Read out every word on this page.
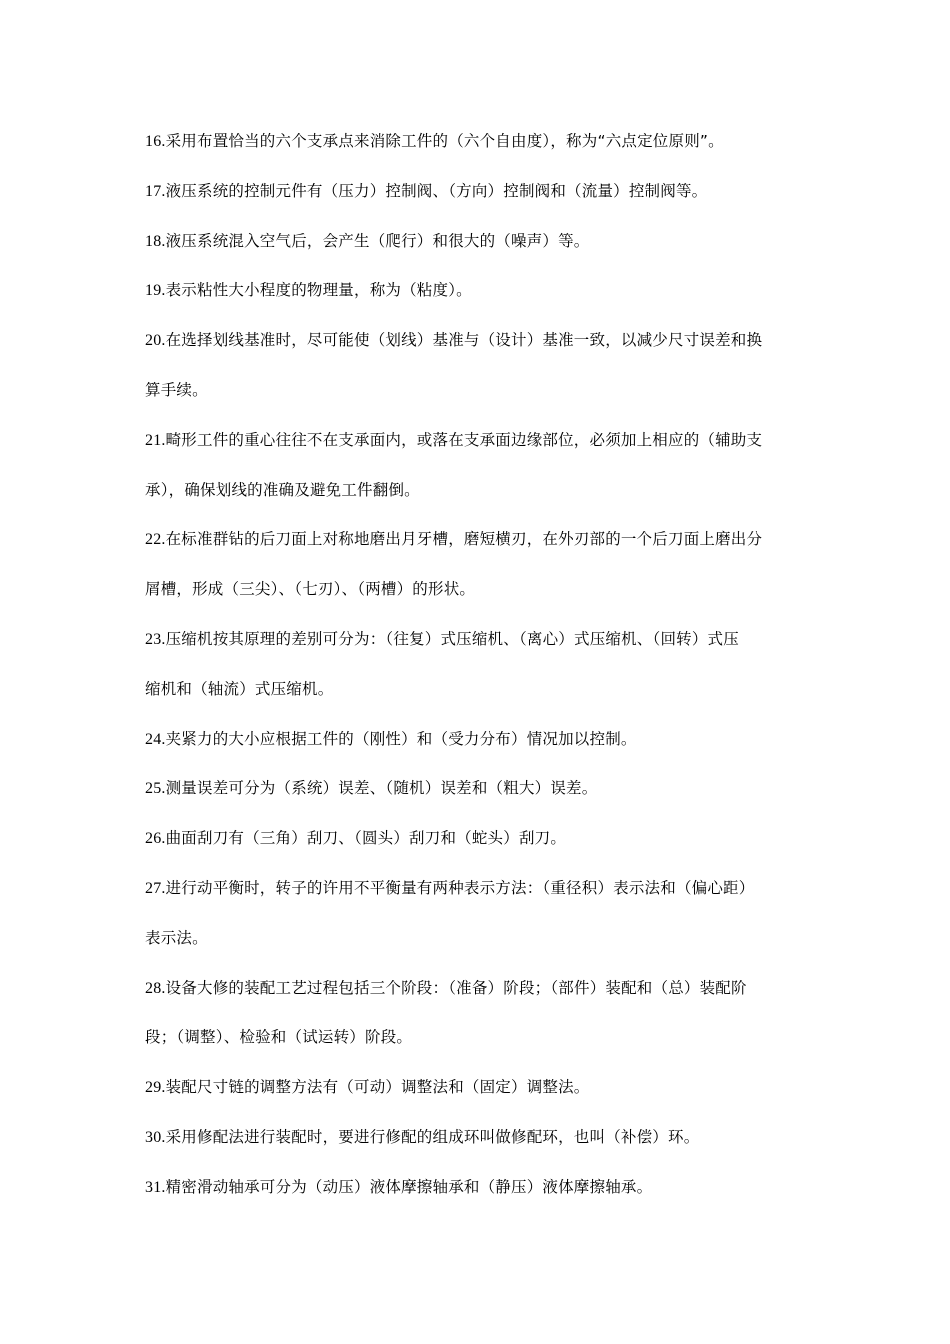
16.采用布置恰当的六个支承点来消除工件的（六个自由度），称为“六点定位原则”。
17.液压系统的控制元件有（压力）控制阀、（方向）控制阀和（流量）控制阀等。
18.液压系统混入空气后，会产生（爬行）和很大的（噪声）等。
19.表示粘性大小程度的物理量，称为（粘度）。
20.在选择划线基准时，尽可能使（划线）基准与（设计）基准一致，以减少尺寸误差和换
算手续。
21.畸形工件的重心往往不在支承面内，或落在支承面边缘部位，必须加上相应的（辅助支
承），确保划线的准确及避免工件翻倒。
22.在标准群钻的后刀面上对称地磨出月牙槽，磨短横刃，在外刃部的一个后刀面上磨出分
屑槽，形成（三尖）、（七刃）、（两槽）的形状。
23.压缩机按其原理的差别可分为：（往复）式压缩机、（离心）式压缩机、（回转）式压
缩机和（轴流）式压缩机。
24.夹紧力的大小应根据工件的（刚性）和（受力分布）情况加以控制。
25.测量误差可分为（系统）误差、（随机）误差和（粗大）误差。
26.曲面刮刀有（三角）刮刀、（圆头）刮刀和（蛇头）刮刀。
27.进行动平衡时，转子的许用不平衡量有两种表示方法：（重径积）表示法和（偏心距）
表示法。
28.设备大修的装配工艺过程包括三个阶段：（准备）阶段；（部件）装配和（总）装配阶
段；（调整）、检验和（试运转）阶段。
29.装配尺寸链的调整方法有（可动）调整法和（固定）调整法。
30.采用修配法进行装配时，要进行修配的组成环叫做修配环，也叫（补偿）环。
31.精密滑动轴承可分为（动压）液体摩擦轴承和（静压）液体摩擦轴承。
